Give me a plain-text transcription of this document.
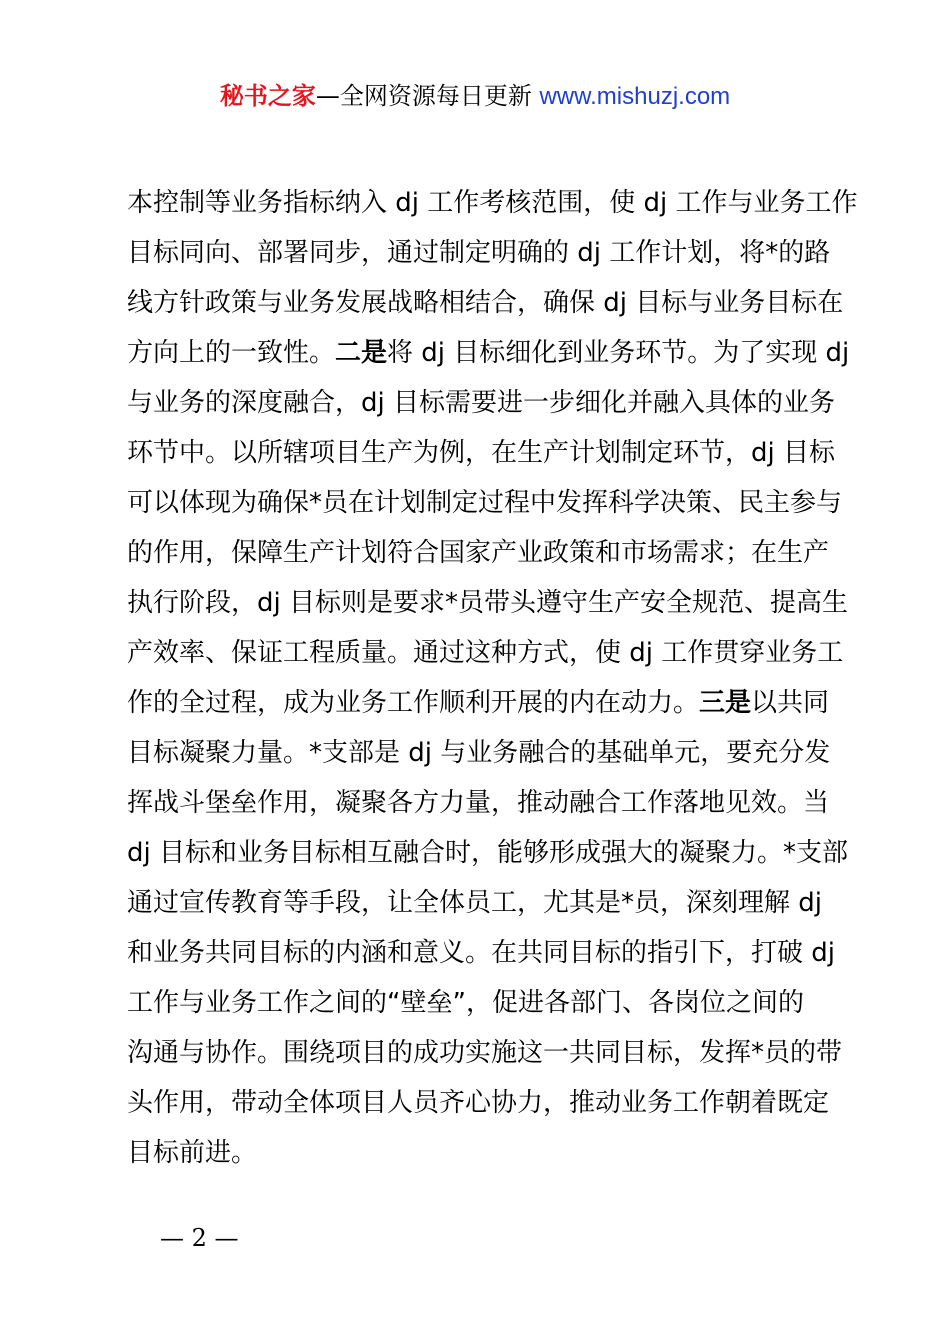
秘书之家—全网资源每日更新 www.mishuzj.com
本控制等业务指标纳入 dj 工作考核范围，使 dj 工作与业务工作
目标同向、部署同步，通过制定明确的 dj 工作计划，将*的路
线方针政策与业务发展战略相结合，确保 dj 目标与业务目标在
方向上的一致性。二是将 dj 目标细化到业务环节。为了实现 dj
与业务的深度融合，dj 目标需要进一步细化并融入具体的业务
环节中。以所辖项目生产为例，在生产计划制定环节，dj 目标
可以体现为确保*员在计划制定过程中发挥科学决策、民主参与
的作用，保障生产计划符合国家产业政策和市场需求；在生产
执行阶段，dj 目标则是要求*员带头遵守生产安全规范、提高生
产效率、保证工程质量。通过这种方式，使 dj 工作贯穿业务工
作的全过程，成为业务工作顺利开展的内在动力。三是以共同
目标凝聚力量。*支部是 dj 与业务融合的基础单元，要充分发
挥战斗堡垒作用，凝聚各方力量，推动融合工作落地见效。当
dj 目标和业务目标相互融合时，能够形成强大的凝聚力。*支部
通过宣传教育等手段，让全体员工，尤其是*员，深刻理解 dj
和业务共同目标的内涵和意义。在共同目标的指引下，打破 dj
工作与业务工作之间的“壁垒”，促进各部门、各岗位之间的
沟通与协作。围绕项目的成功实施这一共同目标，发挥*员的带
头作用，带动全体项目人员齐心协力，推动业务工作朝着既定
目标前进。
— 2 —
